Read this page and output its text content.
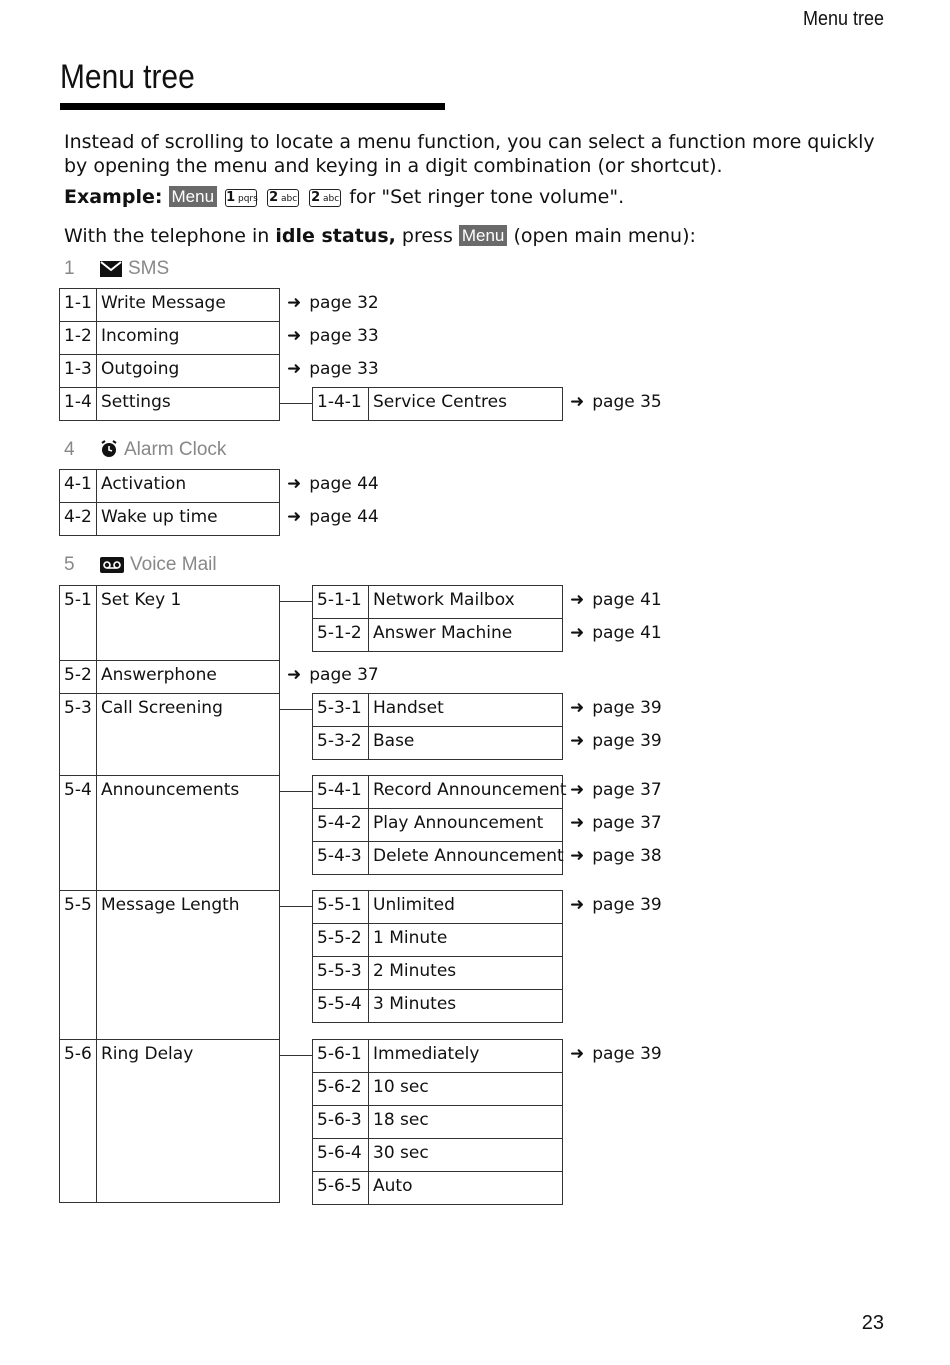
Menu tree
Menu tree
Instead of scrolling to locate a menu function, you can select a function more quickly by opening the menu and keying in a digit combination (or shortcut).
Example: Menu 1 pqrs 2 abc 2 abc for "Set ringer tone volume".
With the telephone in idle status, press Menu (open main menu):
1	SMS
1-1 Write Message	➜ page 32
1-2 Incoming	➜ page 33
1-3 Outgoing	➜ page 33
1-4 Settings	1-4-1 Service Centres	➜ page 35
4	Alarm Clock
4-1 Activation	➜ page 44
4-2 Wake up time	➜ page 44
5	Voice Mail
5-1 Set Key 1	5-1-1 Network Mailbox	➜ page 41
5-1-2 Answer Machine	➜ page 41
5-2 Answerphone	➜ page 37
5-3 Call Screening	5-3-1 Handset	➜ page 39
5-3-2 Base	➜ page 39
5-4 Announcements	5-4-1 Record Announcement ➜ page 37
5-4-2 Play Announcement ➜ page 37
5-4-3 Delete Announcement ➜ page 38
5-5 Message Length	5-5-1 Unlimited	➜ page 39
5-5-2 1 Minute
5-5-3 2 Minutes
5-5-4 3 Minutes
5-6 Ring Delay	5-6-1 Immediately	➜ page 39
5-6-2 10 sec
5-6-3 18 sec
5-6-4 30 sec
5-6-5 Auto
23
